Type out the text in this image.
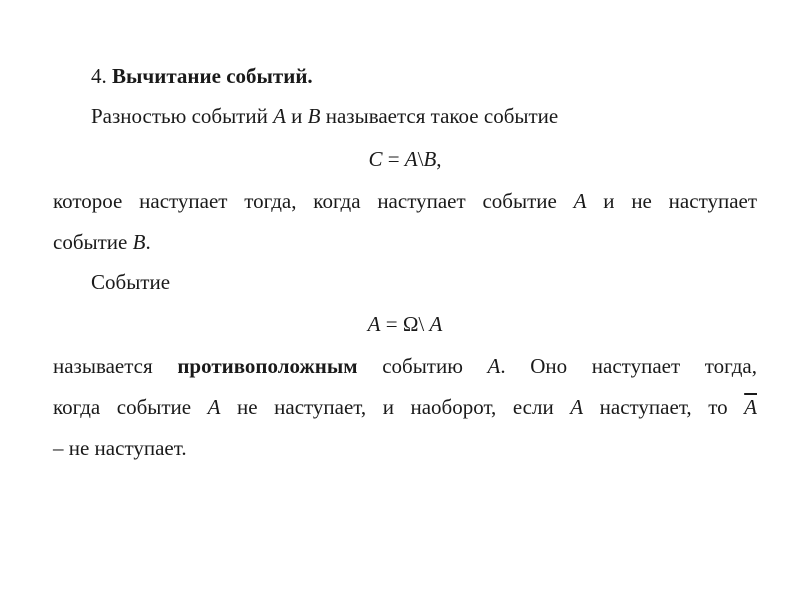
4. Вычитание событий.
Разностью событий A и B называется такое событие
C = A\B,
которое наступает тогда, когда наступает событие A и не наступает
событие B.
Событие
A = Ω\ A
называется противоположным событию A. Оно наступает тогда,
когда событие A не наступает, и наоборот, если A наступает, то $\overline{A}$
– не наступает.
